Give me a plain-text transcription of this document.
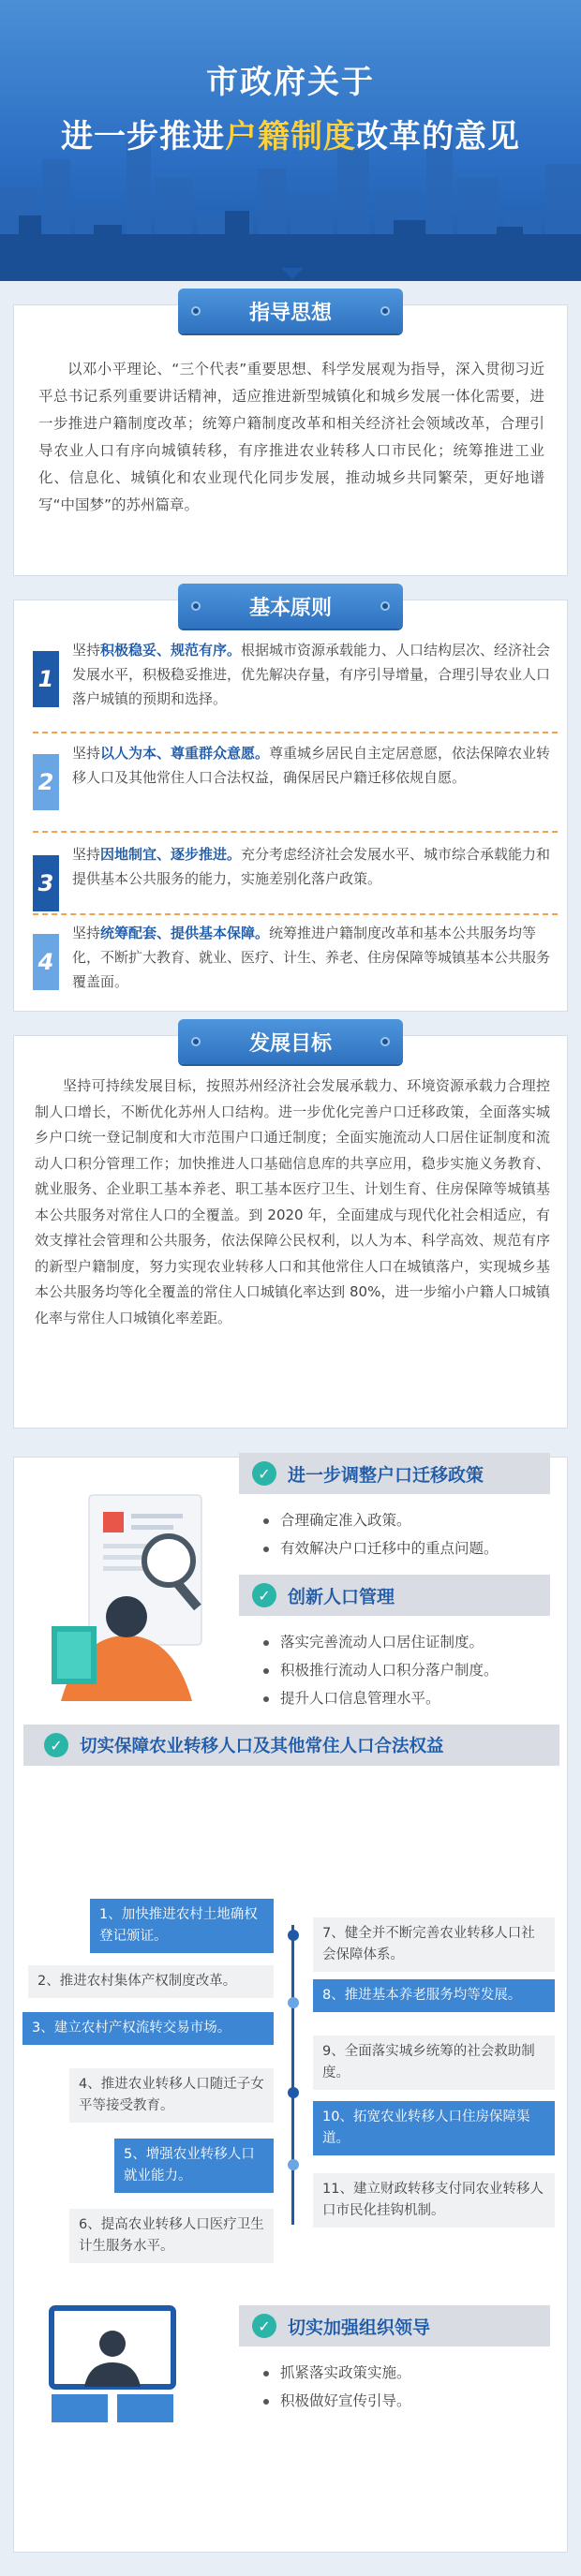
市政府关于
进一步推进户籍制度改革的意见
指导思想

以邓小平理论、“三个代表”重要思想、科学发展观为指导，深入贯彻习近平总书记系列重要讲话精神，适应推进新型城镇化和城乡发展一体化需要，进一步推进户籍制度改革；统筹户籍制度改革和相关经济社会领域改革，合理引导农业人口有序向城镇转移，有序推进农业转移人口市民化；统筹推进工业化、信息化、城镇化和农业现代化同步发展，推动城乡共同繁荣，更好地谱写“中国梦”的苏州篇章。

基本原则
1
坚持积极稳妥、规范有序。根据城市资源承载能力、人口结构层次、经济社会发展水平，积极稳妥推进，优先解决存量，有序引导增量，合理引导农业人口落户城镇的预期和选择。
2
坚持以人为本、尊重群众意愿。尊重城乡居民自主定居意愿，依法保障农业转移人口及其他常住人口合法权益，确保居民户籍迁移依规自愿。
3
坚持因地制宜、逐步推进。充分考虑经济社会发展水平、城市综合承载能力和提供基本公共服务的能力，实施差别化落户政策。
4
坚持统筹配套、提供基本保障。统筹推进户籍制度改革和基本公共服务均等化，不断扩大教育、就业、医疗、计生、养老、住房保障等城镇基本公共服务覆盖面。
发展目标

坚持可持续发展目标，按照苏州经济社会发展承载力、环境资源承载力合理控制人口增长，不断优化苏州人口结构。进一步优化完善户口迁移政策，全面落实城乡户口统一登记制度和大市范围户口通迁制度；全面实施流动人口居住证制度和流动人口积分管理工作；加快推进人口基础信息库的共享应用，稳步实施义务教育、就业服务、企业职工基本养老、职工基本医疗卫生、计划生育、住房保障等城镇基本公共服务对常住人口的全覆盖。到 2020 年，全面建成与现代化社会相适应，有效支撑社会管理和公共服务，依法保障公民权利，以人为本、科学高效、规范有序的新型户籍制度，努力实现农业转移人口和其他常住人口在城镇落户，实现城乡基本公共服务均等化全覆盖的常住人口城镇化率达到 80%，进一步缩小户籍人口城镇化率与常住人口城镇化率差距。

✓ 进一步调整户口迁移政策
合理确定准入政策。
有效解决户口迁移中的重点问题。
✓ 创新人口管理
落实完善流动人口居住证制度。
积极推行流动人口积分落户制度。
提升人口信息管理水平。
✓ 切实保障农业转移人口及其他常住人口合法权益
✓ 切实加强组织领导
抓紧落实政策实施。
积极做好宣传引导。
1、加快推进农村土地确权登记颁证。
2、推进农村集体产权制度改革。
3、建立农村产权流转交易市场。
4、推进农业转移人口随迁子女平等接受教育。
5、增强农业转移人口就业能力。
6、提高农业转移人口医疗卫生计生服务水平。
7、健全并不断完善农业转移人口社会保障体系。
8、推进基本养老服务均等发展。
9、全面落实城乡统筹的社会救助制度。
10、拓宽农业转移人口住房保障渠道。
11、建立财政转移支付同农业转移人口市民化挂钩机制。
